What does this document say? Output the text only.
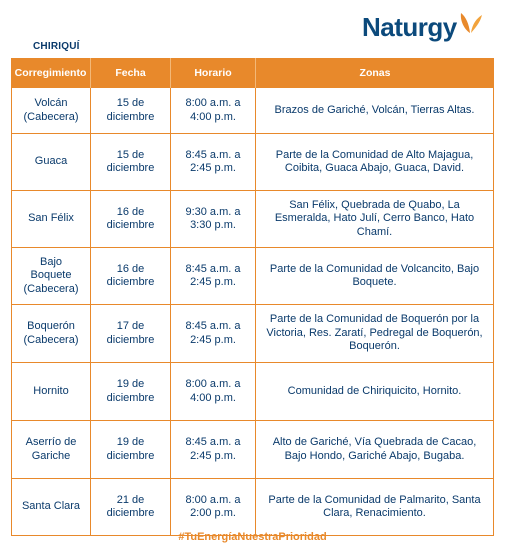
CHIRIQUÍ
Naturgy
Corregimiento	Fecha	Horario	Zonas
Volcán (Cabecera)	15 de diciembre	8:00 a.m. a 4:00 p.m.	Brazos de Gariché, Volcán, Tierras Altas.
Guaca	15 de diciembre	8:45 a.m. a 2:45 p.m.	Parte de la Comunidad de Alto Majagua, Coibita, Guaca Abajo, Guaca, David.
San Félix	16 de diciembre	9:30 a.m. a 3:30 p.m.	San Félix, Quebrada de Quabo, La Esmeralda, Hato Julí, Cerro Banco, Hato Chamí.
Bajo Boquete (Cabecera)	16 de diciembre	8:45 a.m. a 2:45 p.m.	Parte de la Comunidad de Volcancito, Bajo Boquete.
Boquerón (Cabecera)	17 de diciembre	8:45 a.m. a 2:45 p.m.	Parte de la Comunidad de Boquerón por la Victoria, Res. Zaratí, Pedregal de Boquerón, Boquerón.
Hornito	19 de diciembre	8:00 a.m. a 4:00 p.m.	Comunidad de Chiriquicito, Hornito.
Aserrío de Gariche	19 de diciembre	8:45 a.m. a 2:45 p.m.	Alto de Gariché, Vía Quebrada de Cacao, Bajo Hondo, Gariché Abajo, Bugaba.
Santa Clara	21 de diciembre	8:00 a.m. a 2:00 p.m.	Parte de la Comunidad de Palmarito, Santa Clara, Renacimiento.
#TuEnergíaNuestraPrioridad
